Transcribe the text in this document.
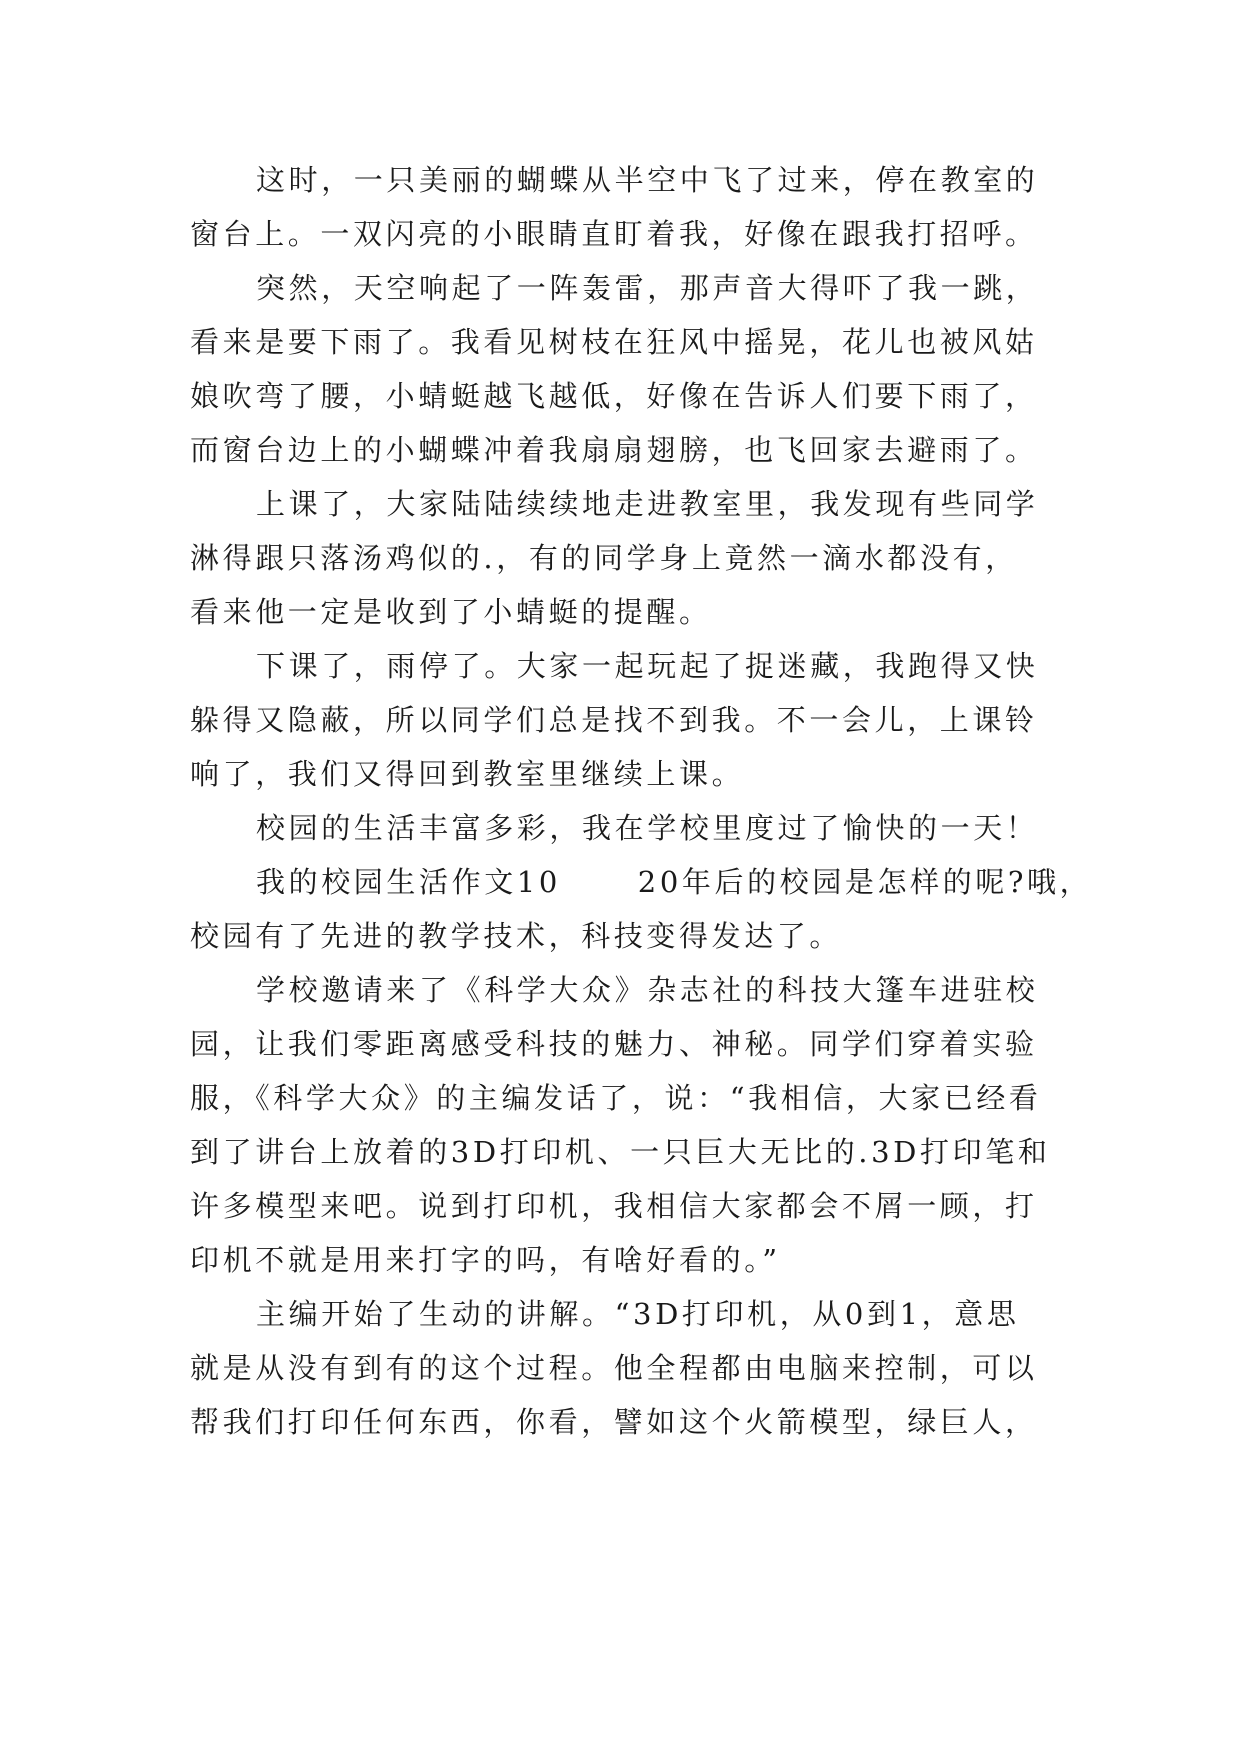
这时，一只美丽的蝴蝶从半空中飞了过来，停在教室的
窗台上。一双闪亮的小眼睛直盯着我，好像在跟我打招呼。
突然，天空响起了一阵轰雷，那声音大得吓了我一跳，
看来是要下雨了。我看见树枝在狂风中摇晃，花儿也被风姑
娘吹弯了腰，小蜻蜓越飞越低，好像在告诉人们要下雨了，
而窗台边上的小蝴蝶冲着我扇扇翅膀，也飞回家去避雨了。
上课了，大家陆陆续续地走进教室里，我发现有些同学
淋得跟只落汤鸡似的.，有的同学身上竟然一滴水都没有，
看来他一定是收到了小蜻蜓的提醒。
下课了，雨停了。大家一起玩起了捉迷藏，我跑得又快
躲得又隐蔽，所以同学们总是找不到我。不一会儿，上课铃
响了，我们又得回到教室里继续上课。
校园的生活丰富多彩，我在学校里度过了愉快的一天！
我的校园生活作文10      20年后的校园是怎样的呢?哦，
校园有了先进的教学技术，科技变得发达了。
学校邀请来了《科学大众》杂志社的科技大篷车进驻校
园，让我们零距离感受科技的魅力、神秘。同学们穿着实验
服，《科学大众》的主编发话了，说：“我相信，大家已经看
到了讲台上放着的3D打印机、一只巨大无比的.3D打印笔和
许多模型来吧。说到打印机，我相信大家都会不屑一顾，打
印机不就是用来打字的吗，有啥好看的。”
主编开始了生动的讲解。“3D打印机，从0到1，意思
就是从没有到有的这个过程。他全程都由电脑来控制，可以
帮我们打印任何东西，你看，譬如这个火箭模型，绿巨人，
